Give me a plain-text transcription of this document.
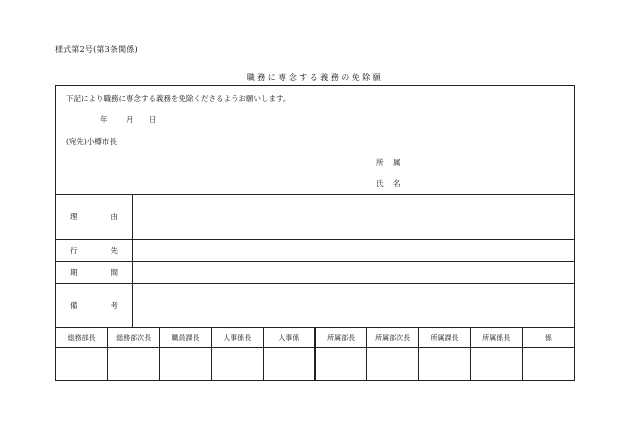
様式第2号(第3条関係)
職務に専念する義務の免除願
下記により職務に専念する義務を免除くださるようお願いします。
年 月 日
(宛先)小樽市長
所 属
氏 名
理	由
行	先
期	間
備	考
総務部長	総務部次長	職員課長	人事係長	人事係	所属部長	所属部次長	所属課長	所属係長	係
